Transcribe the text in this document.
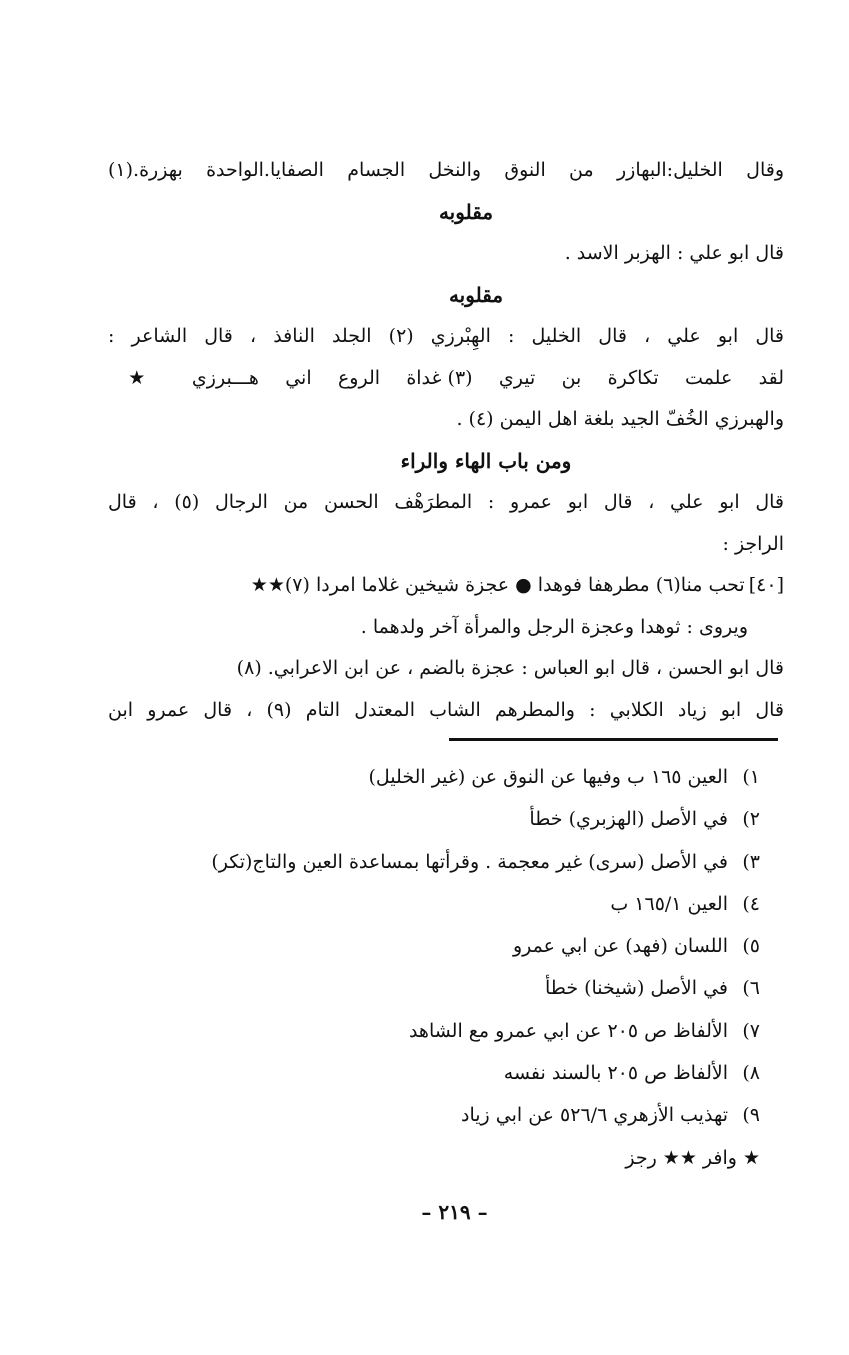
وقال الخليل:البهازر من النوق والنخل الجسام الصفايا.الواحدة بهزرة.(١)
مقلوبه
قال ابو علي : الهزبر الاسد .
مقلوبه
قال ابو علي ، قال الخليل : الهِبْرزي (٢) الجلد النافذ ، قال الشاعر :
لقد علمت تكاكرة بن تيري (٣) غداة الروع اني هـــبرزي ★
والهبرزي الخُفّ الجيد بلغة اهل اليمن (٤) .
ومن باب الهاء والراء
قال ابو علي ، قال ابو عمرو : المطرَهْف الحسن من الرجال (٥) ، قال
الراجز :
[٤٠]تحب منا(٦) مطرهفا فوهدا ● عجزة شيخين غلاما امردا (٧)★★
ويروى : ثوهدا وعجزة الرجل والمرأة آخر ولدهما .
قال ابو الحسن ، قال ابو العباس : عجزة بالضم ، عن ابن الاعرابي. (٨)
قال ابو زياد الكلابي : والمطرهم الشاب المعتدل التام (٩) ، قال عمرو ابن
١)العين ١٦٥ ب وفيها عن النوق عن (غير الخليل)
٢)في الأصل (الهزبري) خطأ
٣)في الأصل (سرى) غير معجمة . وقرأتها بمساعدة العين والتاج(تكر)
٤)العين ١٦٥/١ ب
٥)اللسان (فهد) عن ابي عمرو
٦)في الأصل (شيخنا) خطأ
٧)الألفاظ ص ٢٠٥ عن ابي عمرو مع الشاهد
٨)الألفاظ ص ٢٠٥ بالسند نفسه
٩)تهذيب الأزهري ٥٢٦/٦ عن ابي زياد
★ وافر ★★ رجز
– ٢١٩ –
